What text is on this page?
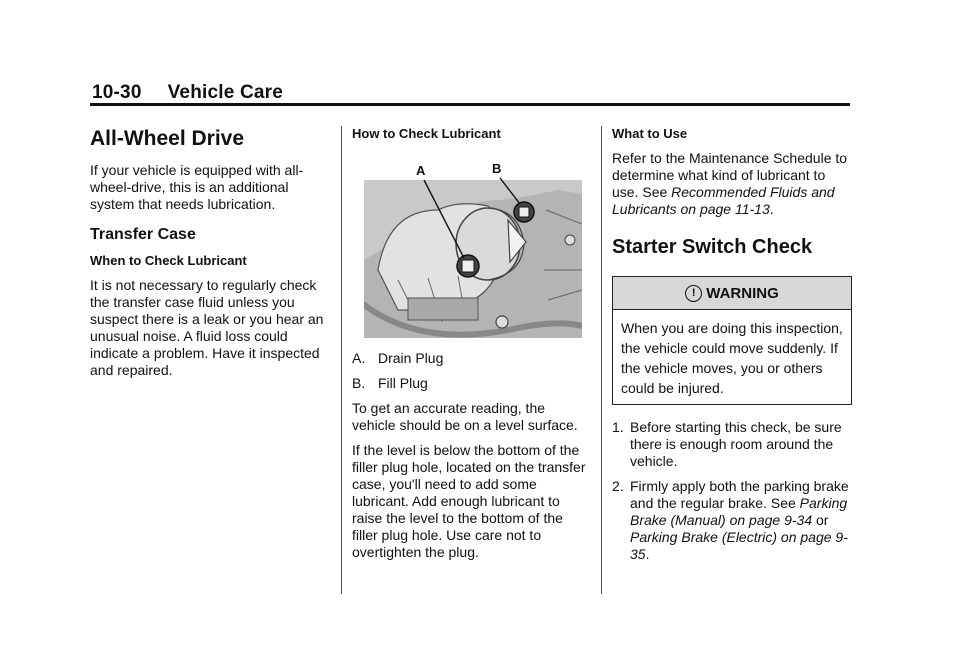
10-30 Vehicle Care
All-Wheel Drive

If your vehicle is equipped with all-wheel-drive, this is an additional system that needs lubrication.

Transfer Case
When to Check Lubricant

It is not necessary to regularly check the transfer case fluid unless you suspect there is a leak or you hear an unusual noise. A fluid loss could indicate a problem. Have it inspected and repaired.

How to Check Lubricant
A	B

A. Drain Plug

B. Fill Plug

To get an accurate reading, the vehicle should be on a level surface.

If the level is below the bottom of the filler plug hole, located on the transfer case, you'll need to add some lubricant. Add enough lubricant to raise the level to the bottom of the filler plug hole. Use care not to overtighten the plug.

What to Use

Refer to the Maintenance Schedule to determine what kind of lubricant to use. See Recommended Fluids and Lubricants on page 11-13.

Starter Switch Check
! WARNING
When you are doing this inspection, the vehicle could move suddenly. If the vehicle moves, you or others could be injured.
1. Before starting this check, be sure there is enough room around the vehicle.
2. Firmly apply both the parking brake and the regular brake. See Parking Brake (Manual) on page 9-34 or Parking Brake (Electric) on page 9-35.
